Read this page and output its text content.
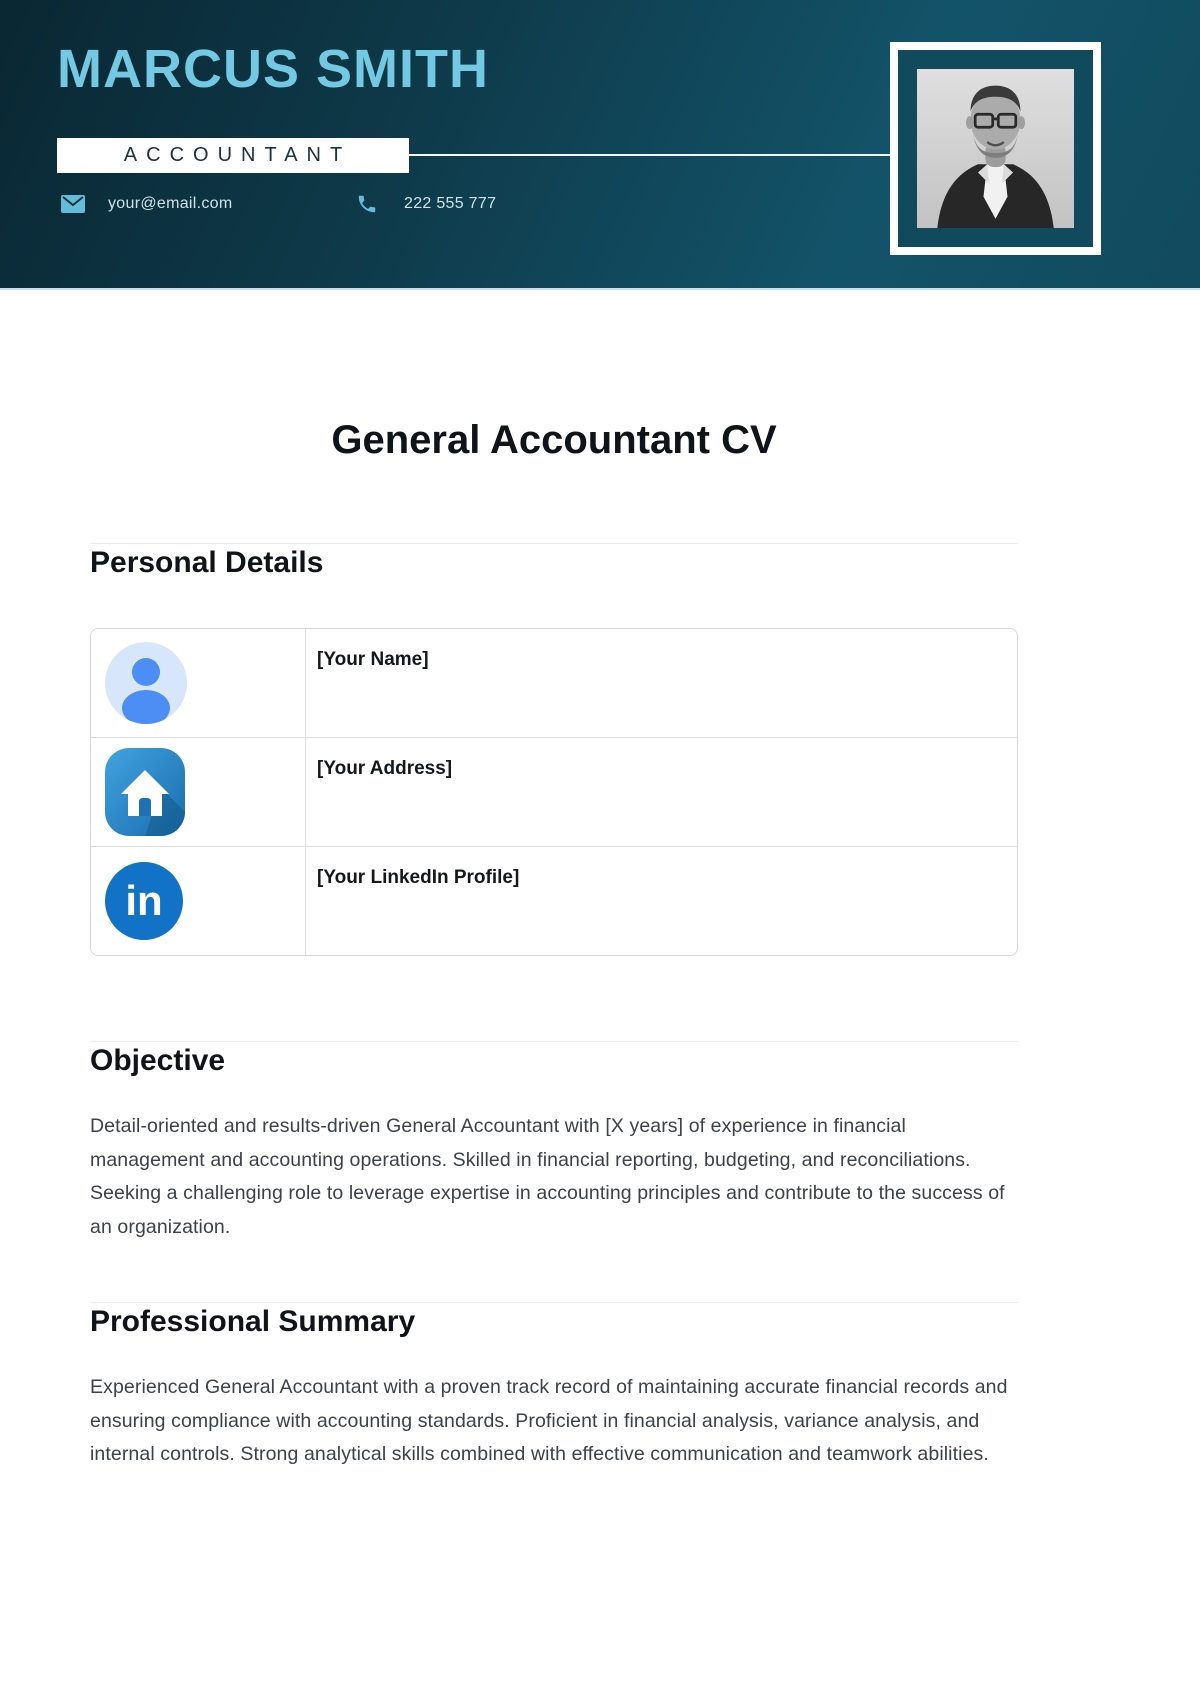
MARCUS SMITH
ACCOUNTANT
your@email.com	222 555 777
General Accountant CV
Personal Details
[Your Name]
[Your Address]
in	[Your LinkedIn Profile]
Objective

Detail-oriented and results-driven General Accountant with [X years] of experience in financial management and accounting operations. Skilled in financial reporting, budgeting, and reconciliations. Seeking a challenging role to leverage expertise in accounting principles and contribute to the success of an organization.

Professional Summary

Experienced General Accountant with a proven track record of maintaining accurate financial records and ensuring compliance with accounting standards. Proficient in financial analysis, variance analysis, and internal controls. Strong analytical skills combined with effective communication and teamwork abilities.
